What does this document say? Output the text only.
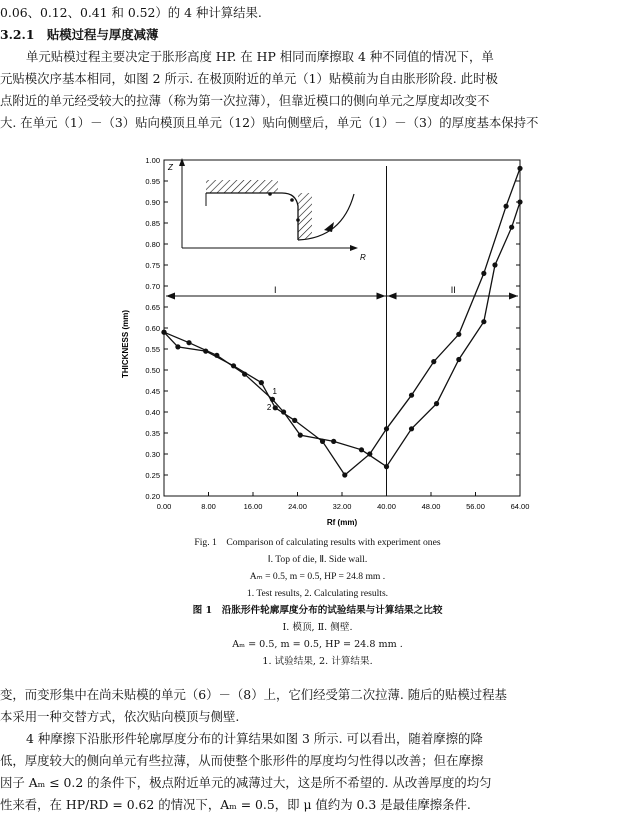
0.06、0.12、0.41 和 0.52）的 4 种计算结果.

3.2.1　贴模过程与厚度减薄

单元贴模过程主要决定于胀形高度 HP. 在 HP 相同而摩擦取 4 种不同值的情况下，单

元贴模次序基本相同，如图 2 所示. 在极顶附近的单元（1）贴模前为自由胀形阶段. 此时极

点附近的单元经受较大的拉薄（称为第一次拉薄），但靠近模口的侧向单元之厚度却改变不

大. 在单元（1）－（3）贴向模顶且单元（12）贴向侧壁后，单元（1）－（3）的厚度基本保持不

0.20
0.25
0.30
0.35
0.40
0.45
0.50
0.55
0.60
0.65
0.70
0.75
0.80
0.85
0.90
0.95
1.00
0.00	8.00	16.00	24.00	32.00	40.00	48.00	56.00	64.00
I	II
Z
R
1
2
THICKNESS (mm)
Rf (mm)
Fig. 1　Comparison of calculating results with experiment ones
Ⅰ. Top of die, Ⅱ. Side wall.
Aₘ = 0.5, m = 0.5, HP = 24.8 mm .
1. Test results, 2. Calculating results.
图 1　沿胀形件轮廓厚度分布的试验结果与计算结果之比较
Ⅰ. 模顶, Ⅱ. 侧壁.
Aₘ = 0.5, m = 0.5, HP = 24.8 mm .
1. 试验结果, 2. 计算结果.

变，而变形集中在尚未贴模的单元（6）－（8）上，它们经受第二次拉薄. 随后的贴模过程基

本采用一种交替方式，依次贴向模顶与侧壁.

4 种摩擦下沿胀形件轮廓厚度分布的计算结果如图 3 所示. 可以看出，随着摩擦的降

低，厚度较大的侧向单元有些拉薄，从而使整个胀形件的厚度均匀性得以改善；但在摩擦

因子 Aₘ ≤ 0.2 的条件下，极点附近单元的减薄过大，这是所不希望的. 从改善厚度的均匀

性来看，在 HP/RD = 0.62 的情况下，Aₘ = 0.5，即 μ 值约为 0.3 是最佳摩擦条件.
